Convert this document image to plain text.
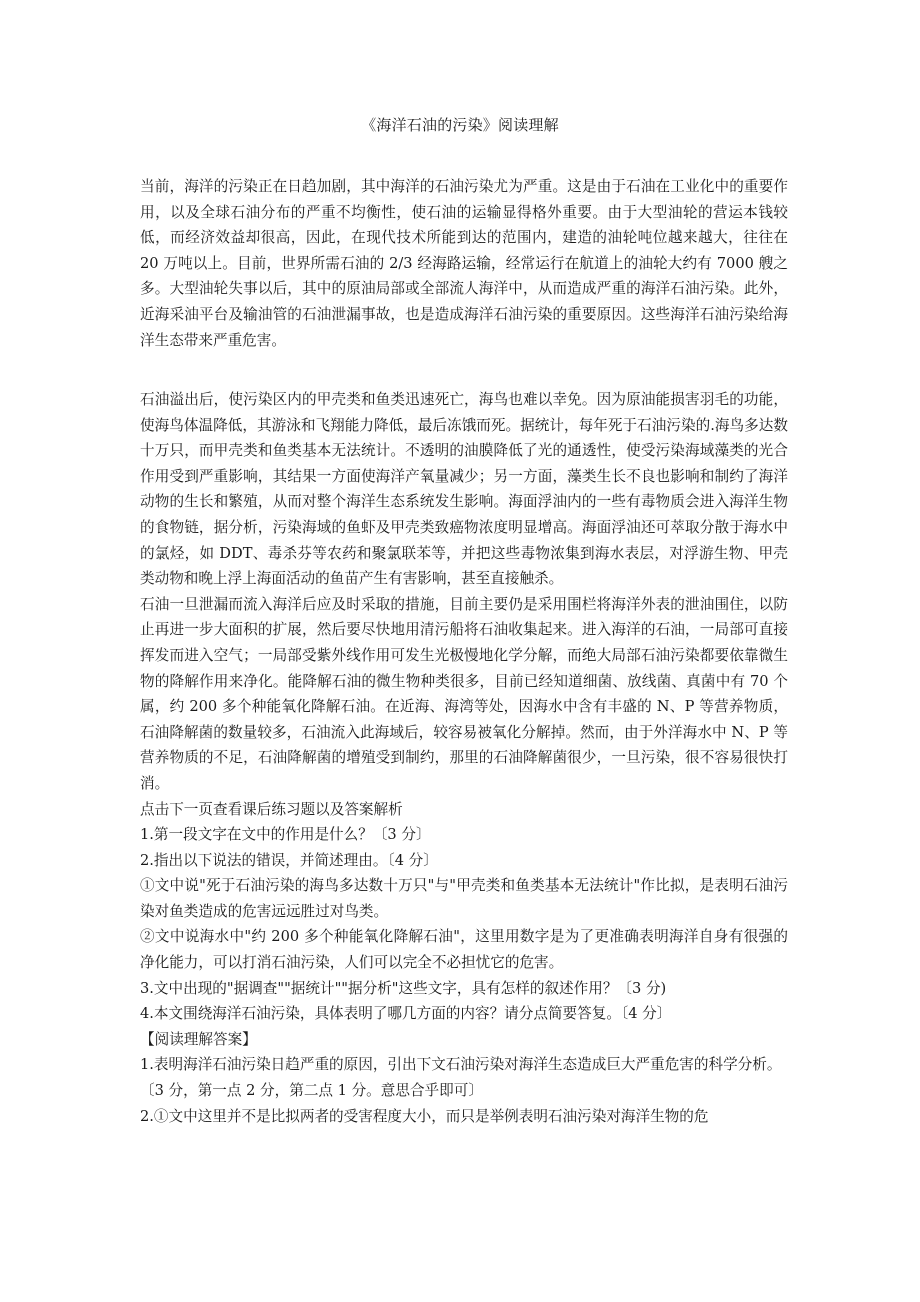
《海洋石油的污染》阅读理解

当前，海洋的污染正在日趋加剧，其中海洋的石油污染尤为严重。这是由于石油在工业化中的重要作用，以及全球石油分布的严重不均衡性，使石油的运输显得格外重要。由于大型油轮的营运本钱较低，而经济效益却很高，因此，在现代技术所能到达的范围内，建造的油轮吨位越来越大，往往在 20 万吨以上。目前，世界所需石油的 2/3 经海路运输，经常运行在航道上的油轮大约有 7000 艘之多。大型油轮失事以后，其中的原油局部或全部流人海洋中，从而造成严重的海洋石油污染。此外，近海采油平台及输油管的石油泄漏事故，也是造成海洋石油污染的重要原因。这些海洋石油污染给海洋生态带来严重危害。

石油溢出后，使污染区内的甲壳类和鱼类迅速死亡，海鸟也难以幸免。因为原油能损害羽毛的功能，使海鸟体温降低，其游泳和飞翔能力降低，最后冻饿而死。据统计，每年死于石油污染的.海鸟多达数十万只，而甲壳类和鱼类基本无法统计。不透明的油膜降低了光的通透性，使受污染海域藻类的光合作用受到严重影响，其结果一方面使海洋产氧量减少；另一方面，藻类生长不良也影响和制约了海洋动物的生长和繁殖，从而对整个海洋生态系统发生影响。海面浮油内的一些有毒物质会进入海洋生物的食物链，据分析，污染海域的鱼虾及甲壳类致癌物浓度明显增高。海面浮油还可萃取分散于海水中的氯烃，如 DDT、毒杀芬等农药和聚氯联苯等，并把这些毒物浓集到海水表层，对浮游生物、甲壳类动物和晚上浮上海面活动的鱼苗产生有害影响，甚至直接触杀。

石油一旦泄漏而流入海洋后应及时采取的措施，目前主要仍是采用围栏将海洋外表的泄油围住，以防止再进一步大面积的扩展，然后要尽快地用清污船将石油收集起来。进入海洋的石油，一局部可直接挥发而进入空气；一局部受紫外线作用可发生光极慢地化学分解，而绝大局部石油污染都要依靠微生物的降解作用来净化。能降解石油的微生物种类很多，目前已经知道细菌、放线菌、真菌中有 70 个属，约 200 多个种能氧化降解石油。在近海、海湾等处，因海水中含有丰盛的 N、P 等营养物质，石油降解菌的数量较多，石油流入此海域后，较容易被氧化分解掉。然而，由于外洋海水中 N、P 等营养物质的不足，石油降解菌的增殖受到制约，那里的石油降解菌很少，一旦污染，很不容易很快打消。

点击下一页查看课后练习题以及答案解析

1.第一段文字在文中的作用是什么？〔3 分〕

2.指出以下说法的错误，并简述理由。〔4 分〕

①文中说"死于石油污染的海鸟多达数十万只"与"甲壳类和鱼类基本无法统计"作比拟，是表明石油污染对鱼类造成的危害远远胜过对鸟类。

②文中说海水中"约 200 多个种能氧化降解石油"，这里用数字是为了更准确表明海洋自身有很强的净化能力，可以打消石油污染，人们可以完全不必担忧它的危害。

3.文中出现的"据调查""据统计""据分析"这些文字，具有怎样的叙述作用？〔3 分)

4.本文围绕海洋石油污染，具体表明了哪几方面的内容？请分点简要答复。〔4 分〕

【阅读理解答案】

1.表明海洋石油污染日趋严重的原因，引出下文石油污染对海洋生态造成巨大严重危害的科学分析。

〔3 分，第一点 2 分，第二点 1 分。意思合乎即可〕

2.①文中这里并不是比拟两者的受害程度大小，而只是举例表明石油污染对海洋生物的危
